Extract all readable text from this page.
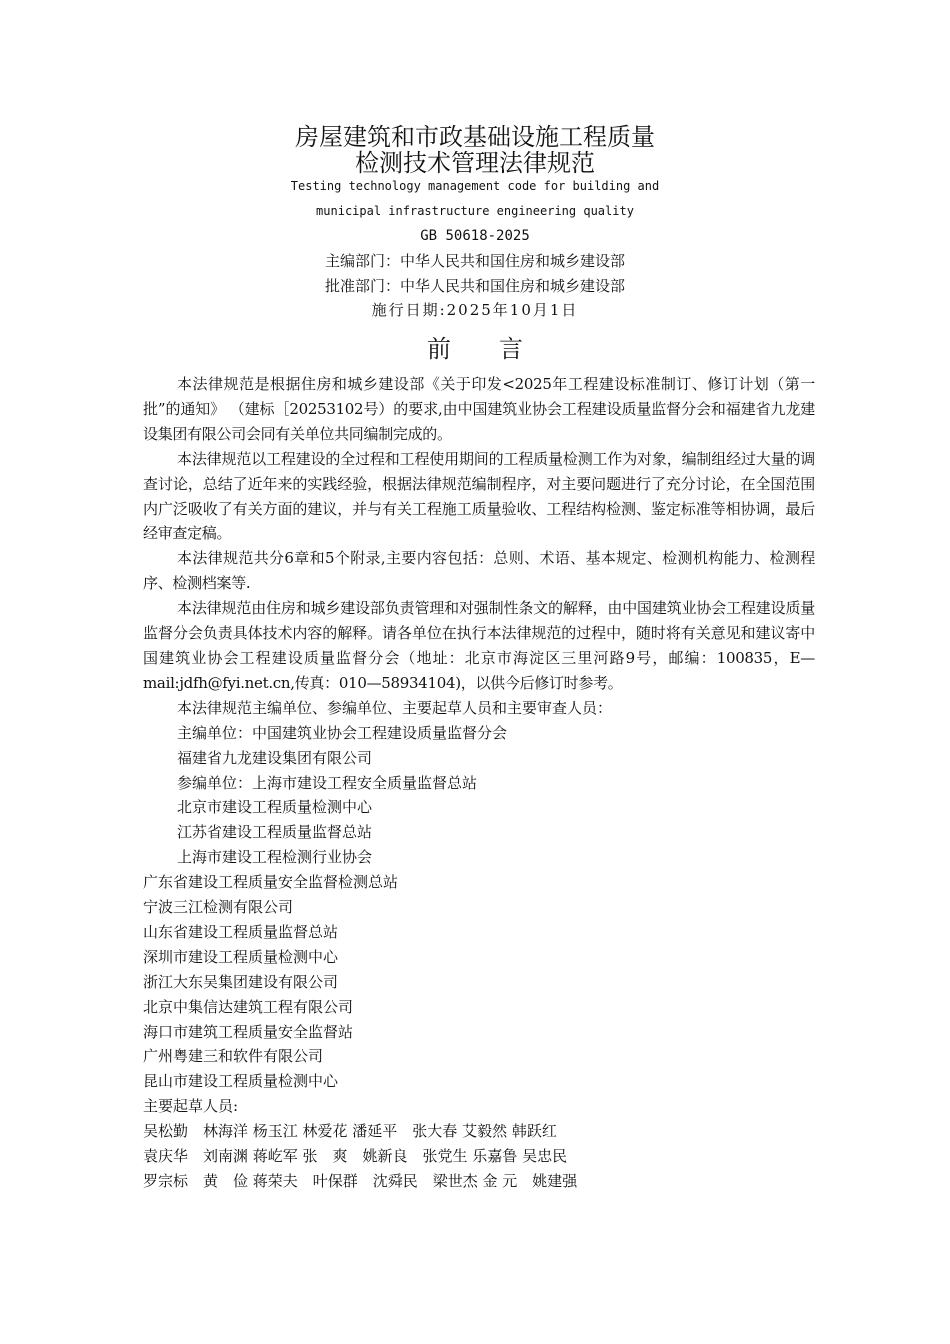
房屋建筑和市政基础设施工程质量
检测技术管理法律规范
Testing technology management code for building and
municipal infrastructure engineering quality
GB 50618-2025
主编部门：中华人民共和国住房和城乡建设部
批准部门：中华人民共和国住房和城乡建设部
施行日期:2025年10月1日
前言

本法律规范是根据住房和城乡建设部《关于印发<2025年工程建设标准制订、修订计划（第一批”的通知》 （建标［20253102号）的要求,由中国建筑业协会工程建设质量监督分会和福建省九龙建设集团有限公司会同有关单位共同编制完成的。

本法律规范以工程建设的全过程和工程使用期间的工程质量检测工作为对象，编制组经过大量的调查讨论，总结了近年来的实践经验，根据法律规范编制程序，对主要问题进行了充分讨论，在全国范围内广泛吸收了有关方面的建议，并与有关工程施工质量验收、工程结构检测、鉴定标准等相协调，最后经审查定稿。

本法律规范共分6章和5个附录,主要内容包括：总则、术语、基本规定、检测机构能力、检测程序、检测档案等.

本法律规范由住房和城乡建设部负责管理和对强制性条文的解释，由中国建筑业协会工程建设质量监督分会负责具体技术内容的解释。请各单位在执行本法律规范的过程中，随时将有关意见和建议寄中国建筑业协会工程建设质量监督分会（地址：北京市海淀区三里河路9号，邮编：100835，E—mail:jdfh@fyi.net.cn,传真：010—58934104)，以供今后修订时参考。

本法律规范主编单位、参编单位、主要起草人员和主要审查人员：

主编单位：中国建筑业协会工程建设质量监督分会

福建省九龙建设集团有限公司

参编单位：上海市建设工程安全质量监督总站

北京市建设工程质量检测中心

江苏省建设工程质量监督总站

上海市建设工程检测行业协会

广东省建设工程质量安全监督检测总站

宁波三江检测有限公司

山东省建设工程质量监督总站

深圳市建设工程质量检测中心

浙江大东吴集团建设有限公司

北京中集信达建筑工程有限公司

海口市建筑工程质量安全监督站

广州粤建三和软件有限公司

昆山市建设工程质量检测中心

主要起草人员:

吴松勤　林海洋 杨玉江 林爱花 潘延平　张大春 艾毅然 韩跃红

袁庆华　刘南渊 蒋屹军 张　爽　姚新良　张党生 乐嘉鲁 吴忠民

罗宗标　黄　俭 蒋荣夫　叶保群　沈舜民　梁世杰 金 元　姚建强
